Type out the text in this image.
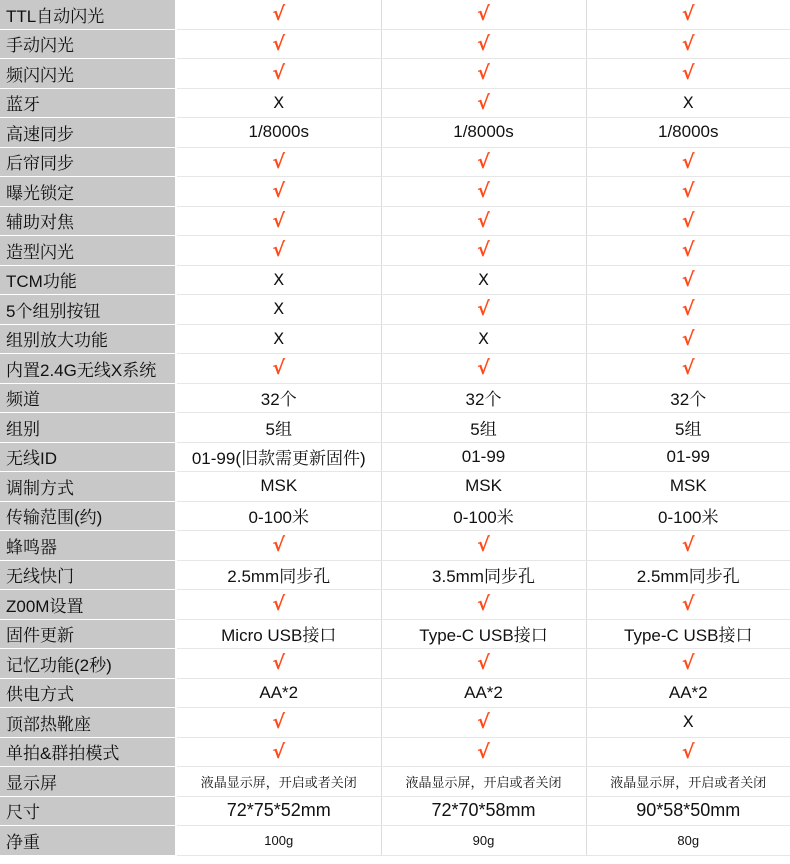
TTL自动闪光	√	√	√
手动闪光	√	√	√
频闪闪光	√	√	√
蓝牙	X	√	X
高速同步	1/8000s	1/8000s	1/8000s
后帘同步	√	√	√
曝光锁定	√	√	√
辅助对焦	√	√	√
造型闪光	√	√	√
TCM功能	X	X	√
5个组别按钮	X	√	√
组别放大功能	X	X	√
内置2.4G无线X系统	√	√	√
频道	32个	32个	32个
组别	5组	5组	5组
无线ID	01-99(旧款需更新固件)	01-99	01-99
调制方式	MSK	MSK	MSK
传输范围(约)	0-100米	0-100米	0-100米
蜂鸣器	√	√	√
无线快门	2.5mm同步孔	3.5mm同步孔	2.5mm同步孔
Z00M设置	√	√	√
固件更新	Micro USB接口	Type-C USB接口	Type-C USB接口
记忆功能(2秒)	√	√	√
供电方式	AA*2	AA*2	AA*2
顶部热靴座	√	√	X
单拍&群拍模式	√	√	√
显示屏	液晶显示屏，开启或者关闭	液晶显示屏，开启或者关闭	液晶显示屏，开启或者关闭
尺寸	72*75*52mm	72*70*58mm	90*58*50mm
净重	100g	90g	80g
